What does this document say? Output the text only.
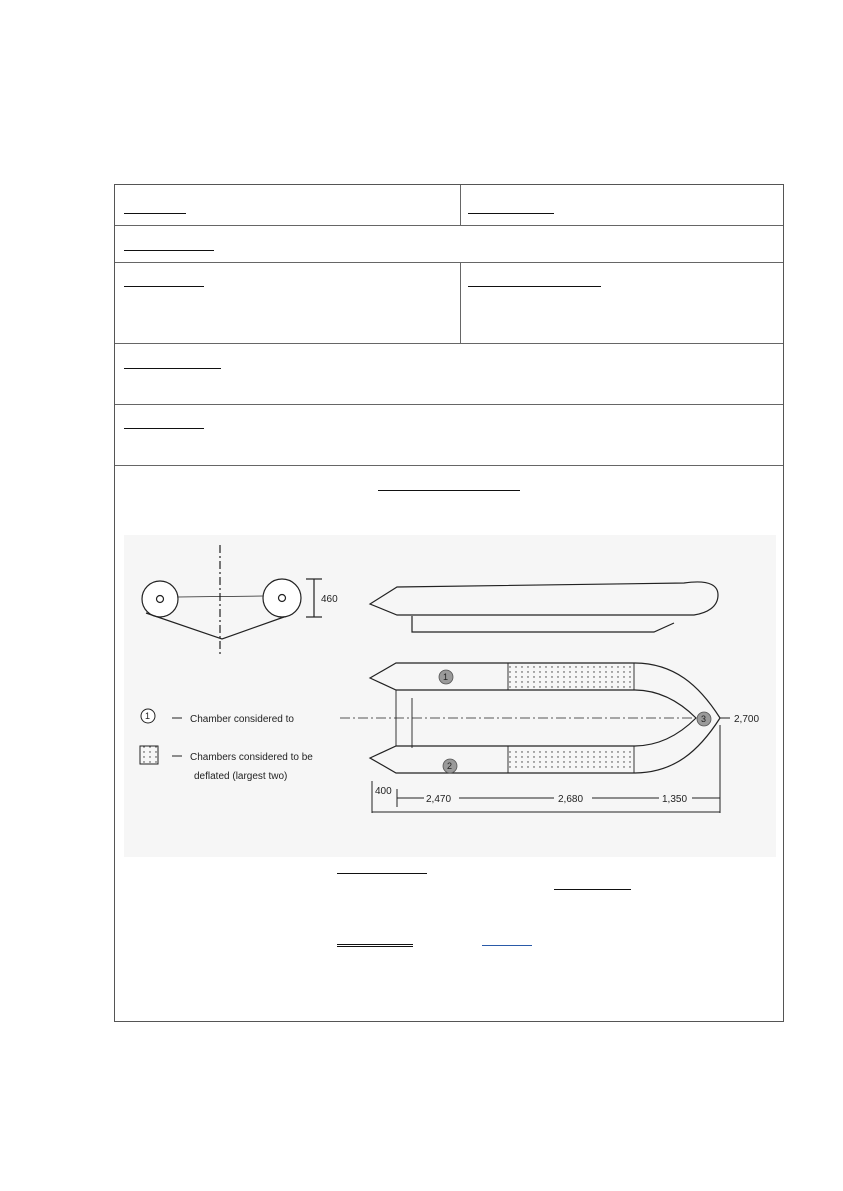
460
1
2
3	2,700
400
2,470	2,680	1,350
1	Chamber considered to
Chambers considered to be
deflated (largest two)
